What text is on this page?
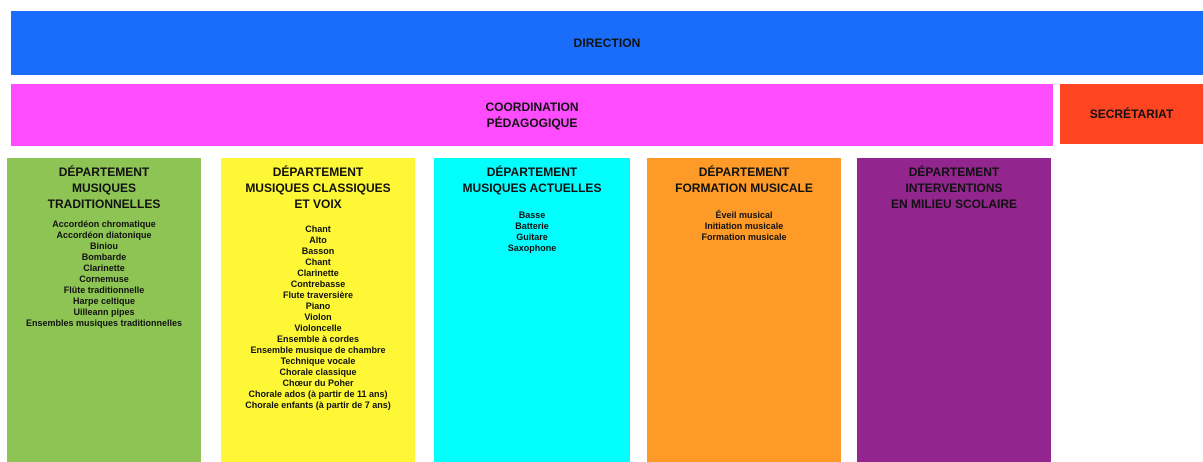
DIRECTION
COORDINATION
PÉDAGOGIQUE
SECRÉTARIAT
DÉPARTEMENT
MUSIQUES
TRADITIONNELLES
Accordéon chromatique
Accordéon diatonique
Biniou
Bombarde
Clarinette
Cornemuse
Flûte traditionnelle
Harpe celtique
Uilleann pipes
Ensembles musiques traditionnelles
DÉPARTEMENT
MUSIQUES CLASSIQUES
ET VOIX
Chant
Alto
Basson
Chant
Clarinette
Contrebasse
Flute traversière
Piano
Violon
Violoncelle
Ensemble à cordes
Ensemble musique de chambre
Technique vocale
Chorale classique
Chœur du Poher
Chorale ados (à partir de 11 ans)
Chorale enfants (à partir de 7 ans)
DÉPARTEMENT
MUSIQUES ACTUELLES
Basse
Batterie
Guitare
Saxophone
DÉPARTEMENT
FORMATION MUSICALE
Éveil musical
Initiation musicale
Formation musicale
DÉPARTEMENT
INTERVENTIONS
EN MILIEU SCOLAIRE
